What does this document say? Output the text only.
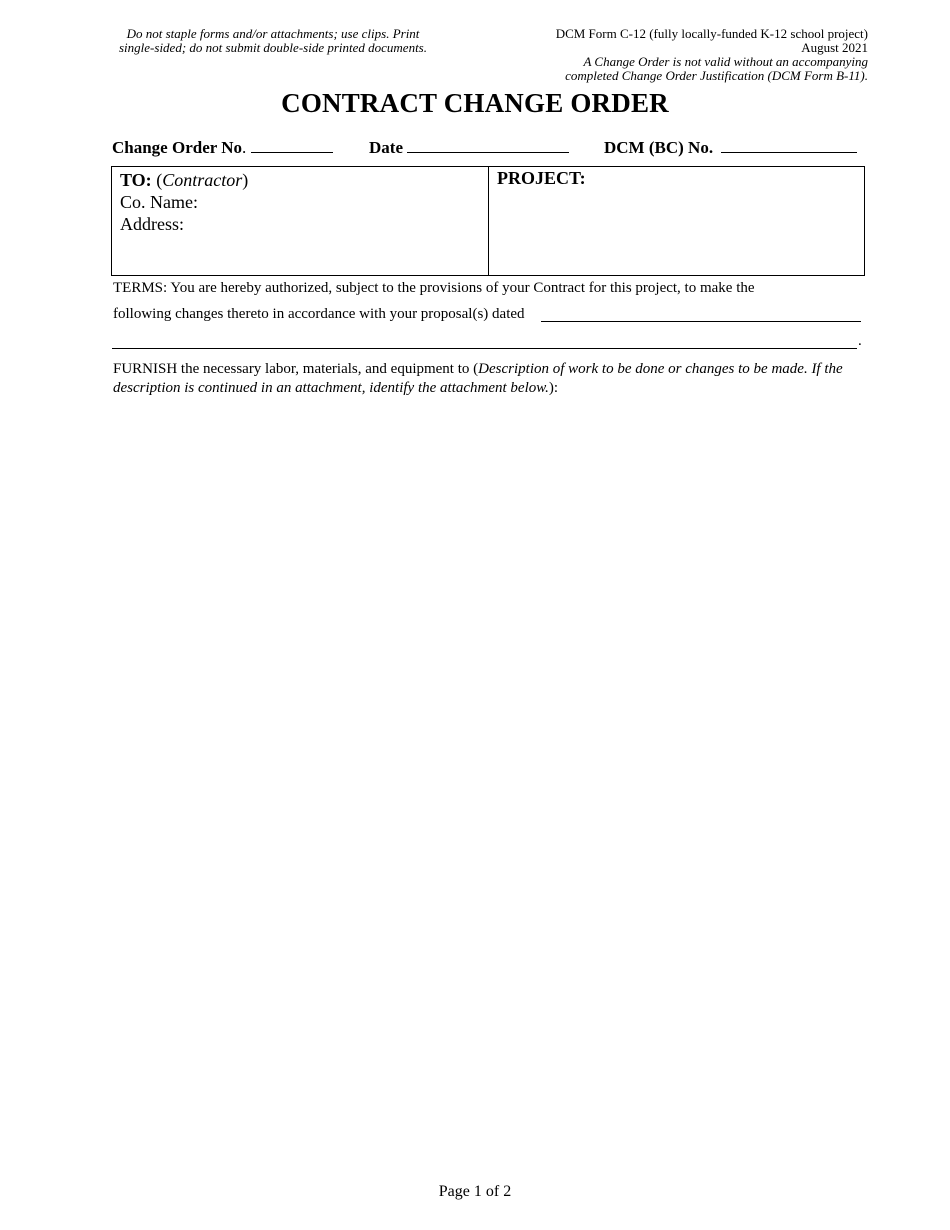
Do not staple forms and/or attachments; use clips. Print
single-sided; do not submit double-side printed documents.
DCM Form C-12 (fully locally-funded K-12 school project)
August 2021
A Change Order is not valid without an accompanying
completed Change Order Justification (DCM Form B-11).
CONTRACT CHANGE ORDER
Change Order No.	Date	DCM (BC) No.
TO: (Contractor)
Co. Name:
Address:
PROJECT:
TERMS: You are hereby authorized, subject to the provisions of your Contract for this project, to make the
following changes thereto in accordance with your proposal(s) dated
.
FURNISH the necessary labor, materials, and equipment to (Description of work to be done or changes to be made. If the description is continued in an attachment, identify the attachment below.):
Page 1 of 2
